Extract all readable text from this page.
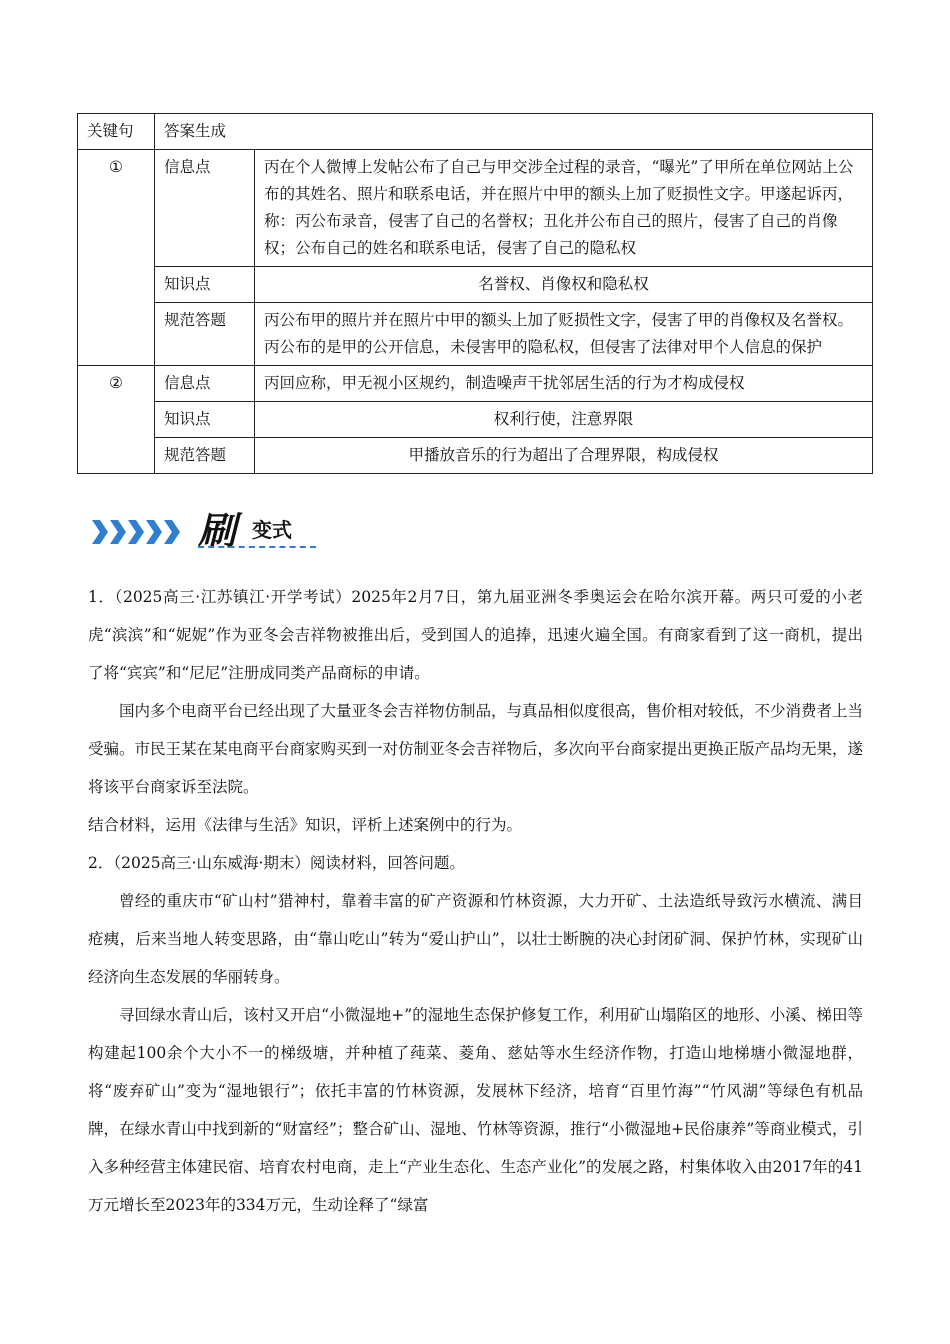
关键句	答案生成	
①	信息点	丙在个人微博上发帖公布了自己与甲交涉全过程的录音，“曝光”了甲所在单位网站上公布的其姓名、照片和联系电话，并在照片中甲的额头上加了贬损性文字。甲遂起诉丙，称：丙公布录音，侵害了自己的名誉权；丑化并公布自己的照片，侵害了自己的肖像权；公布自己的姓名和联系电话，侵害了自己的隐私权
	知识点	名誉权、肖像权和隐私权
	规范答题	丙公布甲的照片并在照片中甲的额头上加了贬损性文字，侵害了甲的肖像权及名誉权。丙公布的是甲的公开信息，未侵害甲的隐私权，但侵害了法律对甲个人信息的保护
②	信息点	丙回应称，甲无视小区规约，制造噪声干扰邻居生活的行为才构成侵权
	知识点	权利行使，注意界限
	规范答题	甲播放音乐的行为超出了合理界限，构成侵权
刷 变式

1．（2025高三·江苏镇江·开学考试）2025年2月7日，第九届亚洲冬季奥运会在哈尔滨开幕。两只可爱的小老虎“滨滨”和“妮妮”作为亚冬会吉祥物被推出后，受到国人的追捧，迅速火遍全国。有商家看到了这一商机，提出了将“宾宾”和“尼尼”注册成同类产品商标的申请。

国内多个电商平台已经出现了大量亚冬会吉祥物仿制品，与真品相似度很高，售价相对较低，不少消费者上当受骗。市民王某在某电商平台商家购买到一对仿制亚冬会吉祥物后，多次向平台商家提出更换正版产品均无果，遂将该平台商家诉至法院。

结合材料，运用《法律与生活》知识，评析上述案例中的行为。

2．（2025高三·山东威海·期末）阅读材料，回答问题。

曾经的重庆市“矿山村”猎神村，靠着丰富的矿产资源和竹林资源，大力开矿、土法造纸导致污水横流、满目疮痍，后来当地人转变思路，由“靠山吃山”转为“爱山护山”，以壮士断腕的决心封闭矿洞、保护竹林，实现矿山经济向生态发展的华丽转身。

寻回绿水青山后，该村又开启“小微湿地+”的湿地生态保护修复工作，利用矿山塌陷区的地形、小溪、梯田等构建起100余个大小不一的梯级塘，并种植了莼菜、菱角、慈姑等水生经济作物，打造山地梯塘小微湿地群，将“废弃矿山”变为“湿地银行”；依托丰富的竹林资源，发展林下经济，培育“百里竹海”“竹风湖”等绿色有机品牌，在绿水青山中找到新的“财富经”；整合矿山、湿地、竹林等资源，推行“小微湿地+民俗康养”等商业模式，引入多种经营主体建民宿、培育农村电商，走上“产业生态化、生态产业化”的发展之路，村集体收入由2017年的41万元增长至2023年的334万元，生动诠释了“绿富
